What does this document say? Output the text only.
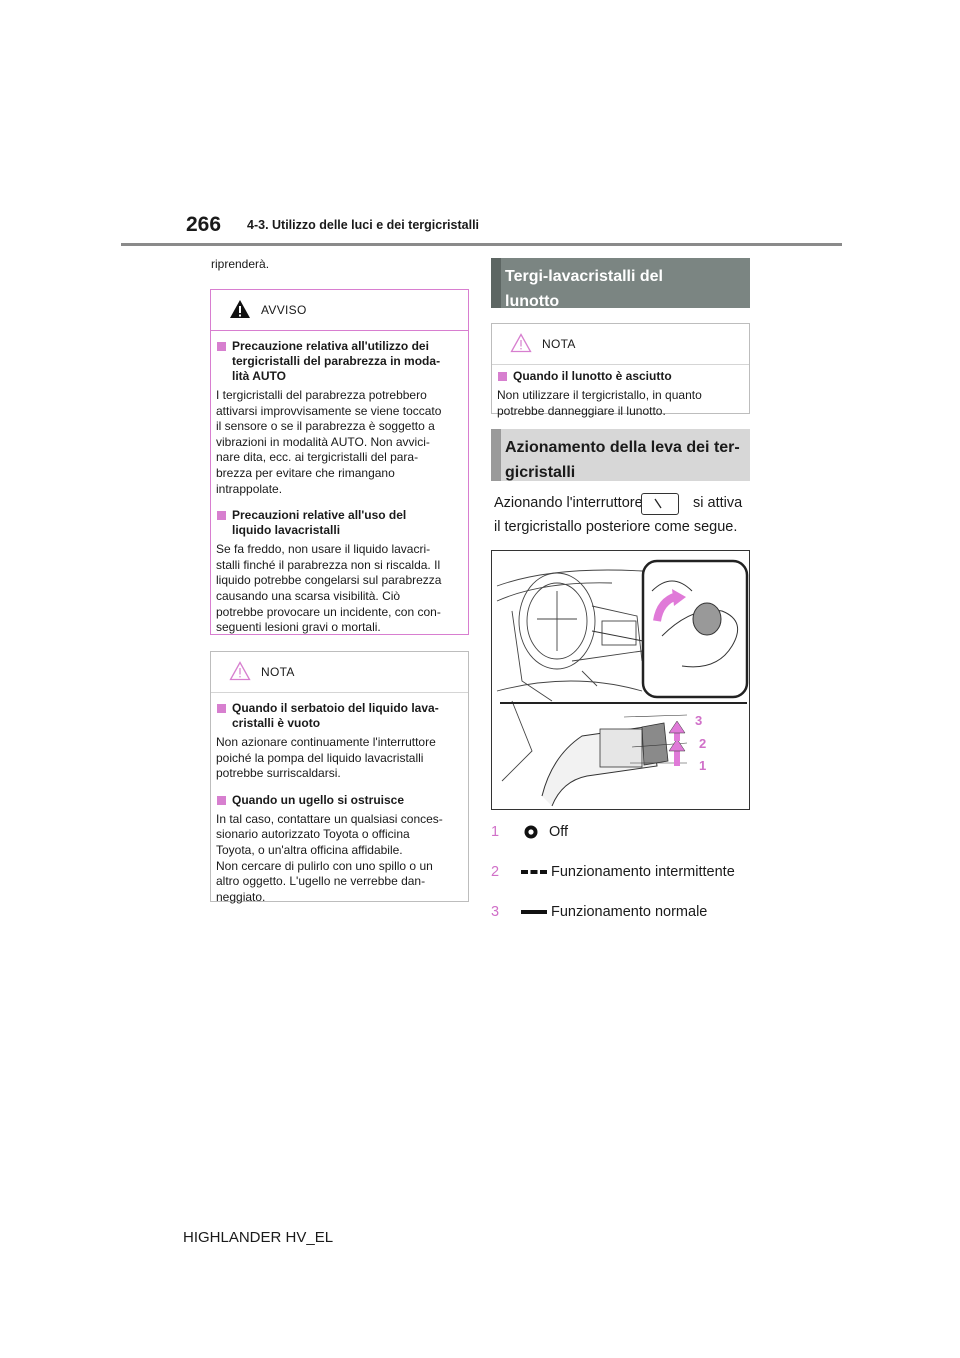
266 4-3. Utilizzo delle luci e dei tergicristalli
riprenderà.
AVVISO
Precauzione relativa all'utilizzo dei
tergicristalli del parabrezza in moda-
lità AUTO
I tergicristalli del parabrezza potrebbero
attivarsi improvvisamente se viene toccato
il sensore o se il parabrezza è soggetto a
vibrazioni in modalità AUTO. Non avvici-
nare dita, ecc. ai tergicristalli del para-
brezza per evitare che rimangano
intrappolate.
Precauzioni relative all'uso del
liquido lavacristalli
Se fa freddo, non usare il liquido lavacri-
stalli finché il parabrezza non si riscalda. Il
liquido potrebbe congelarsi sul parabrezza
causando una scarsa visibilità. Ciò
potrebbe provocare un incidente, con con-
seguenti lesioni gravi o mortali.
NOTA
Quando il serbatoio del liquido lava-
cristalli è vuoto
Non azionare continuamente l'interruttore
poiché la pompa del liquido lavacristalli
potrebbe surriscaldarsi.
Quando un ugello si ostruisce
In tal caso, contattare un qualsiasi conces-
sionario autorizzato Toyota o officina
Toyota, o un'altra officina affidabile.
Non cercare di pulirlo con uno spillo o un
altro oggetto. L'ugello ne verrebbe dan-
neggiato.
Tergi-lavacristalli del
lunotto
NOTA
Quando il lunotto è asciutto
Non utilizzare il tergicristallo, in quanto
potrebbe danneggiare il lunotto.
Azionamento della leva dei ter-
gicristalli
Azionando l'interruttore	si attiva
il tergicristallo posteriore come segue.
3
2
1
1	Off
2	Funzionamento intermittente
3	Funzionamento normale
HIGHLANDER HV_EL
